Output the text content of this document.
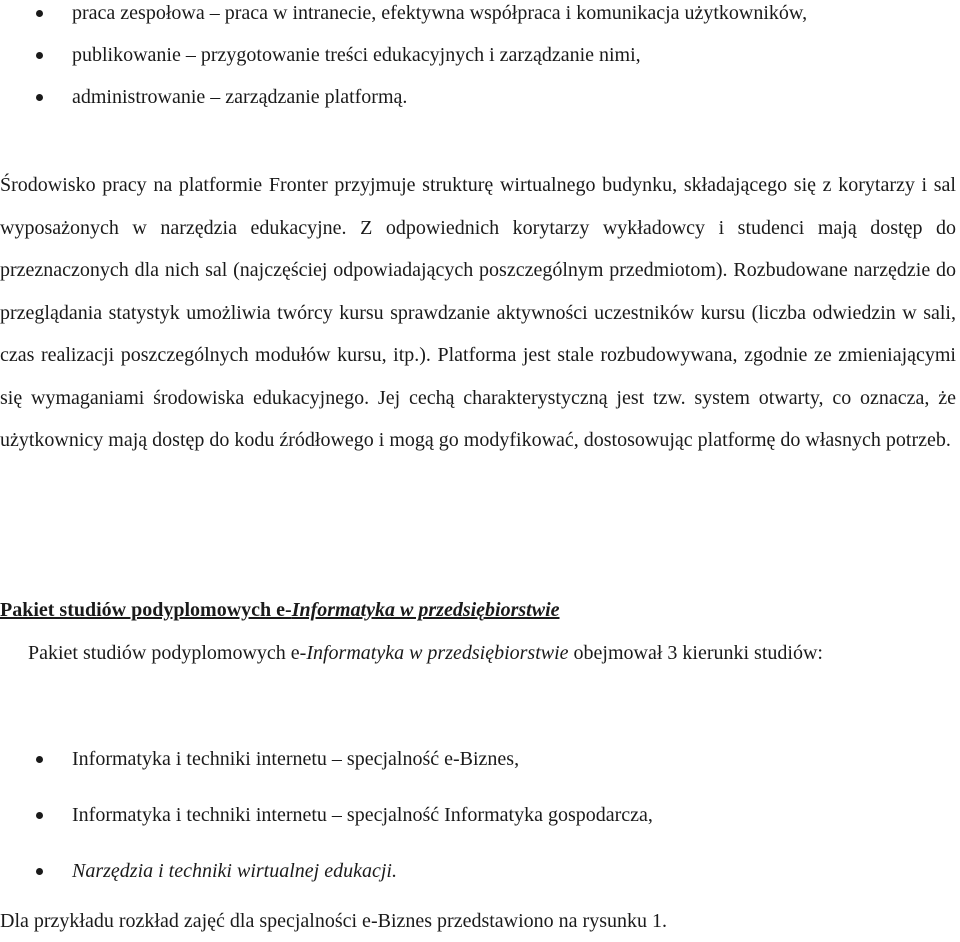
praca zespołowa – praca w intranecie, efektywna współpraca i komunikacja użytkowników,
publikowanie – przygotowanie treści edukacyjnych i zarządzanie nimi,
administrowanie – zarządzanie platformą.

Środowisko pracy na platformie Fronter przyjmuje strukturę wirtualnego budynku, składającego się z korytarzy i sal wyposażonych w narzędzia edukacyjne. Z odpowiednich korytarzy wykładowcy i studenci mają dostęp do przeznaczonych dla nich sal (najczęściej odpowiadających poszczególnym przedmiotom). Rozbudowane narzędzie do przeglądania statystyk umożliwia twórcy kursu sprawdzanie aktywności uczestników kursu (liczba odwiedzin w sali, czas realizacji poszczególnych modułów kursu, itp.). Platforma jest stale rozbudowywana, zgodnie ze zmieniającymi się wymaganiami środowiska edukacyjnego. Jej cechą charakterystyczną jest tzw. system otwarty, co oznacza, że użytkownicy mają dostęp do kodu źródłowego i mogą go modyfikować, dostosowując platformę do własnych potrzeb.

Pakiet studiów podyplomowych e-Informatyka w przedsiębiorstwie

Pakiet studiów podyplomowych e-Informatyka w przedsiębiorstwie obejmował 3 kierunki studiów:

Informatyka i techniki internetu – specjalność e-Biznes,
Informatyka i techniki internetu – specjalność Informatyka gospodarcza,
Narzędzia i techniki wirtualnej edukacji.

Dla przykładu rozkład zajęć dla specjalności e-Biznes przedstawiono na rysunku 1.
